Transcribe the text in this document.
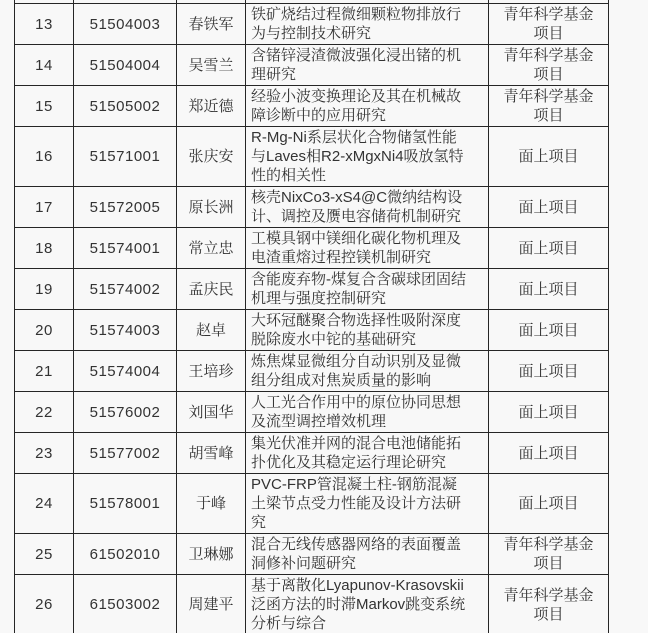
13	51504003	春铁军	铁矿烧结过程微细颗粒物排放行为与控制技术研究	青年科学基金项目
14	51504004	吴雪兰	含锗锌浸渣微波强化浸出锗的机理研究	青年科学基金项目
15	51505002	郑近德	经验小波变换理论及其在机械故障诊断中的应用研究	青年科学基金项目
16	51571001	张庆安	R-Mg-Ni系层状化合物储氢性能与Laves相R2-xMgxNi4吸放氢特性的相关性	面上项目
17	51572005	原长洲	核壳NixCo3-xS4@C微纳结构设计、调控及赝电容储荷机制研究	面上项目
18	51574001	常立忠	工模具钢中镁细化碳化物机理及电渣重熔过程控镁机制研究	面上项目
19	51574002	孟庆民	含能废弃物-煤复合含碳球团固结机理与强度控制研究	面上项目
20	51574003	赵卓	大环冠醚聚合物选择性吸附深度脱除废水中铊的基础研究	面上项目
21	51574004	王培珍	炼焦煤显微组分自动识别及显微组分组成对焦炭质量的影响	面上项目
22	51576002	刘国华	人工光合作用中的原位协同思想及流型调控增效机理	面上项目
23	51577002	胡雪峰	集光伏准并网的混合电池储能拓扑优化及其稳定运行理论研究	面上项目
24	51578001	于峰	PVC-FRP管混凝土柱-钢筋混凝土梁节点受力性能及设计方法研究	面上项目
25	61502010	卫琳娜	混合无线传感器网络的表面覆盖洞修补问题研究	青年科学基金项目
26	61503002	周建平	基于离散化Lyapunov-Krasovskii泛函方法的时滞Markov跳变系统分析与综合	青年科学基金项目
